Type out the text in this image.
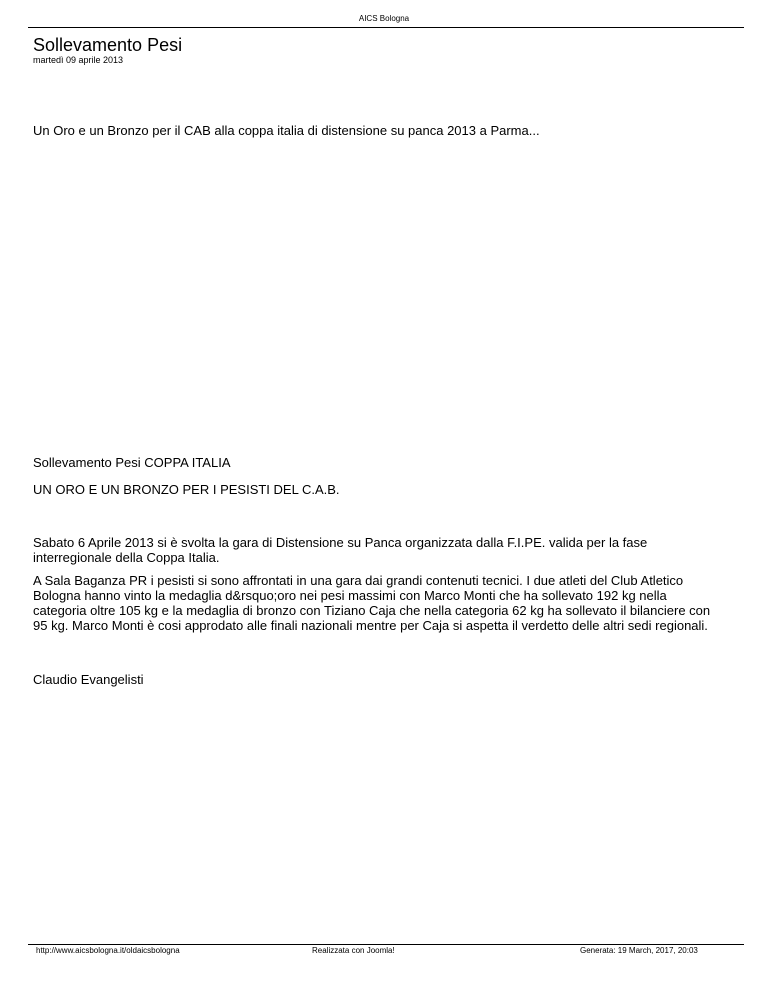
AICS Bologna
Sollevamento Pesi
martedì 09 aprile 2013
Un Oro e un Bronzo per il CAB alla coppa italia di distensione su panca 2013 a Parma...
Sollevamento Pesi COPPA ITALIA
UN ORO E UN BRONZO PER I PESISTI DEL C.A.B.
Sabato 6 Aprile 2013 si è svolta la gara di Distensione su Panca organizzata dalla F.I.PE. valida per la fase interregionale della Coppa Italia.
A Sala Baganza PR i pesisti si sono affrontati in una gara dai grandi contenuti tecnici. I due atleti del Club Atletico Bologna hanno vinto la medaglia d&rsquo;oro nei pesi massimi con Marco Monti che ha sollevato 192 kg nella categoria oltre 105 kg e la medaglia di bronzo con Tiziano Caja che nella categoria 62 kg ha sollevato il bilanciere con 95 kg. Marco Monti è cosi approdato alle finali nazionali mentre per Caja si aspetta il verdetto delle altri sedi regionali.
Claudio Evangelisti
http://www.aicsbologna.it/oldaicsbologna	Realizzata con Joomla!	Generata: 19 March, 2017, 20:03
